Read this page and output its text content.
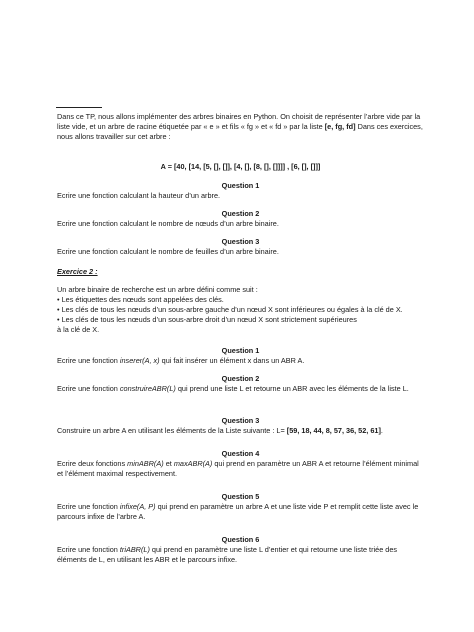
Dans ce TP, nous allons implémenter des arbres binaires en Python. On choisit de représenter l’arbre vide par la liste vide, et un arbre de racine étiquetée par « e » et fils « fg » et « fd » par la liste [e, fg, fd] Dans ces exercices, nous allons travailler sur cet arbre :
A = [40, [14, [5, [], []], [4, [], [8, [], []]]] , [6, [], []]]

Question 1

Ecrire une fonction calculant la hauteur d’un arbre.

Question 2

Ecrire une fonction calculant le nombre de nœuds d’un arbre binaire.

Question 3

Ecrire une fonction calculant le nombre de feuilles d’un arbre binaire.

Exercice 2 :

Un arbre binaire de recherche est un arbre défini comme suit :

• Les étiquettes des nœuds sont appelées des clés.

• Les clés de tous les nœuds d’un sous-arbre gauche d’un nœud X sont inférieures ou égales à la clé de X.

• Les clés de tous les nœuds d’un sous-arbre droit d’un nœud X sont strictement supérieures

à la clé de X.

Question 1

Ecrire une fonction inserer(A, x) qui fait insérer un élément x dans un ABR A.

Question 2

Ecrire une fonction construireABR(L) qui prend une liste L et retourne un ABR avec les éléments de la liste L.

Question 3

Construire un arbre A en utilisant les éléments de la Liste suivante : L= [59, 18, 44, 8, 57, 36, 52, 61].

Question 4

Ecrire deux fonctions minABR(A) et maxABR(A) qui prend en paramètre un ABR A et retourne l’élément minimal et l’élément maximal respectivement.

Question 5

Ecrire une fonction infixe(A, P) qui prend en paramètre un arbre A et une liste vide P et remplit cette liste avec le parcours infixe de l’arbre A.

Question 6

Ecrire une fonction triABR(L) qui prend en paramètre une liste L d’entier et qui retourne une liste triée des éléments de L, en utilisant les ABR et le parcours infixe.
